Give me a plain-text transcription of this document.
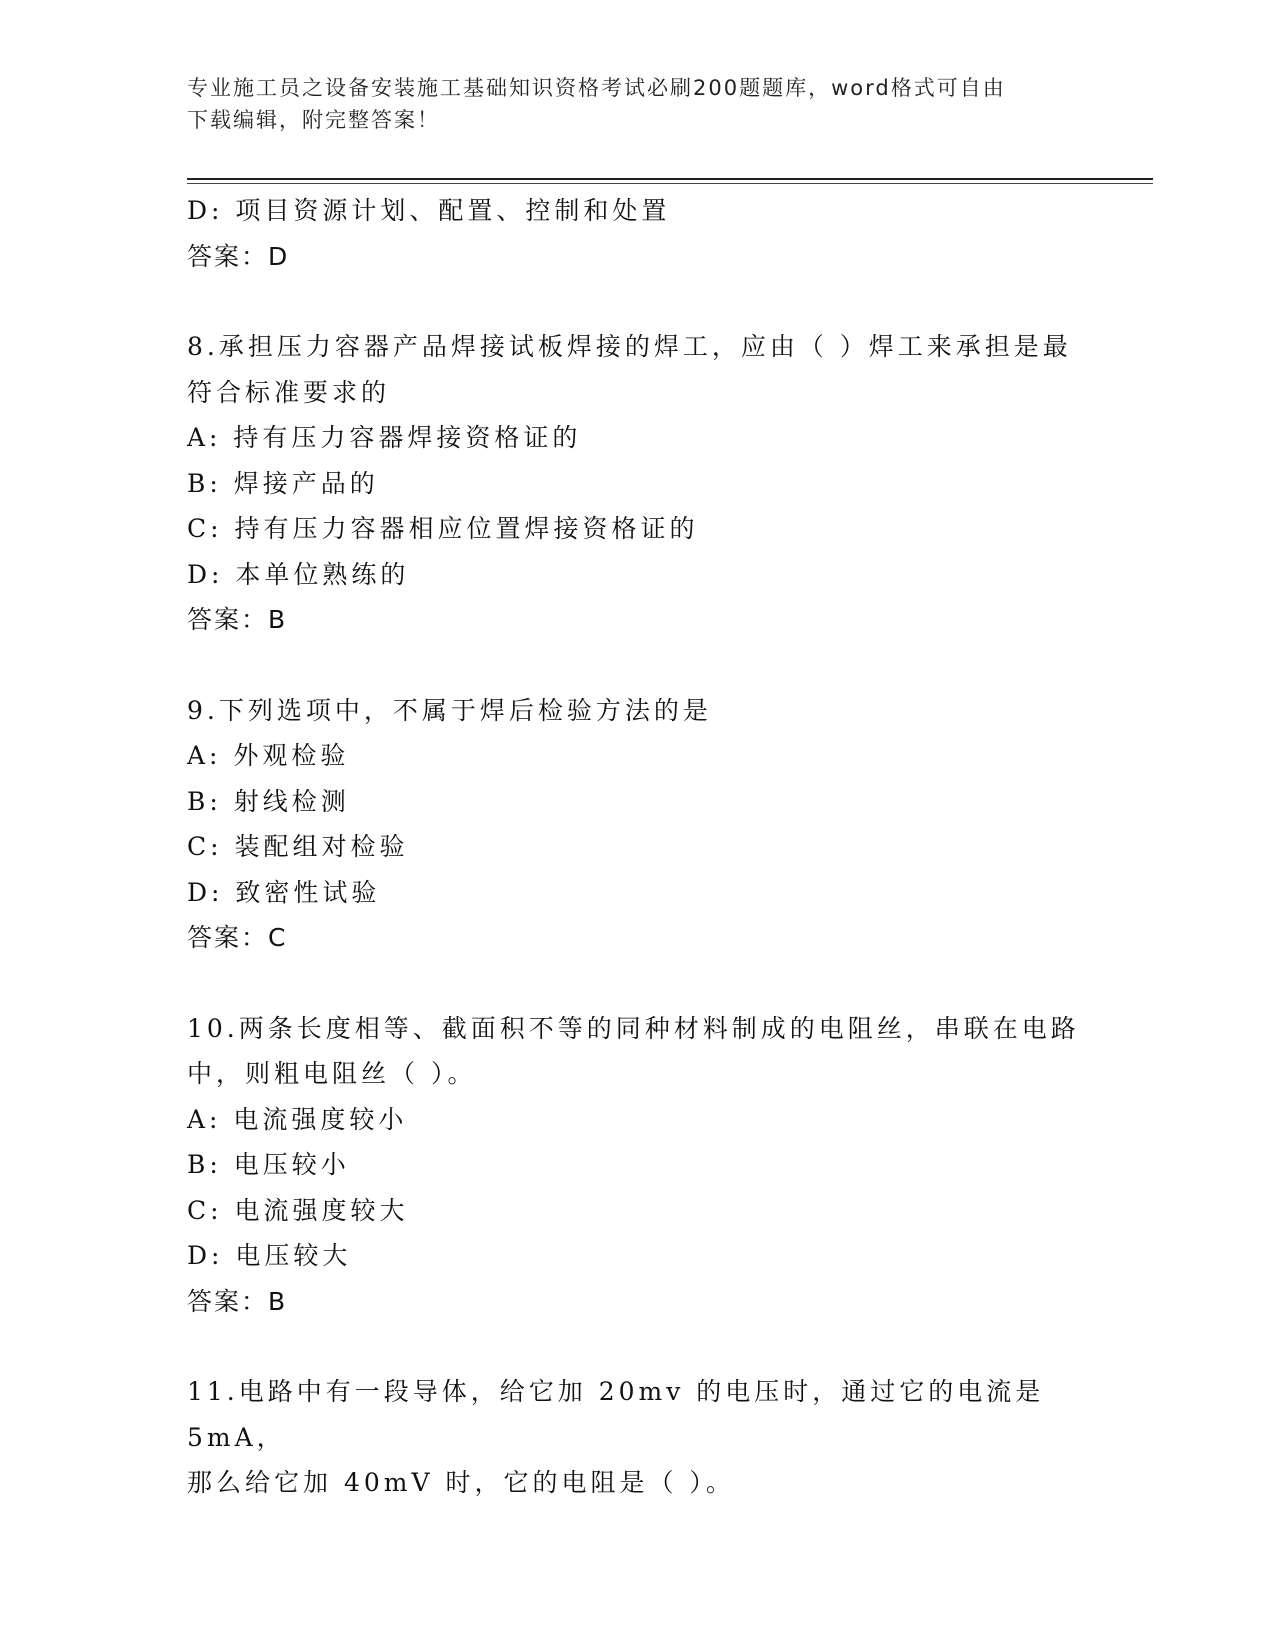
专业施工员之设备安装施工基础知识资格考试必刷200题题库，word格式可自由
下载编辑，附完整答案！
D: 项目资源计划、配置、控制和处置
答案：D
8.承担压力容器产品焊接试板焊接的焊工，应由（ ）焊工来承担是最
符合标准要求的
A: 持有压力容器焊接资格证的
B: 焊接产品的
C: 持有压力容器相应位置焊接资格证的
D: 本单位熟练的
答案：B
9.下列选项中，不属于焊后检验方法的是
A: 外观检验
B: 射线检测
C: 装配组对检验
D: 致密性试验
答案：C
10.两条长度相等、截面积不等的同种材料制成的电阻丝，串联在电路
中，则粗电阻丝（ ）。
A: 电流强度较小
B: 电压较小
C: 电流强度较大
D: 电压较大
答案：B
11.电路中有一段导体，给它加 20mv 的电压时，通过它的电流是 5mA，
那么给它加 40mV 时，它的电阻是（ ）。
